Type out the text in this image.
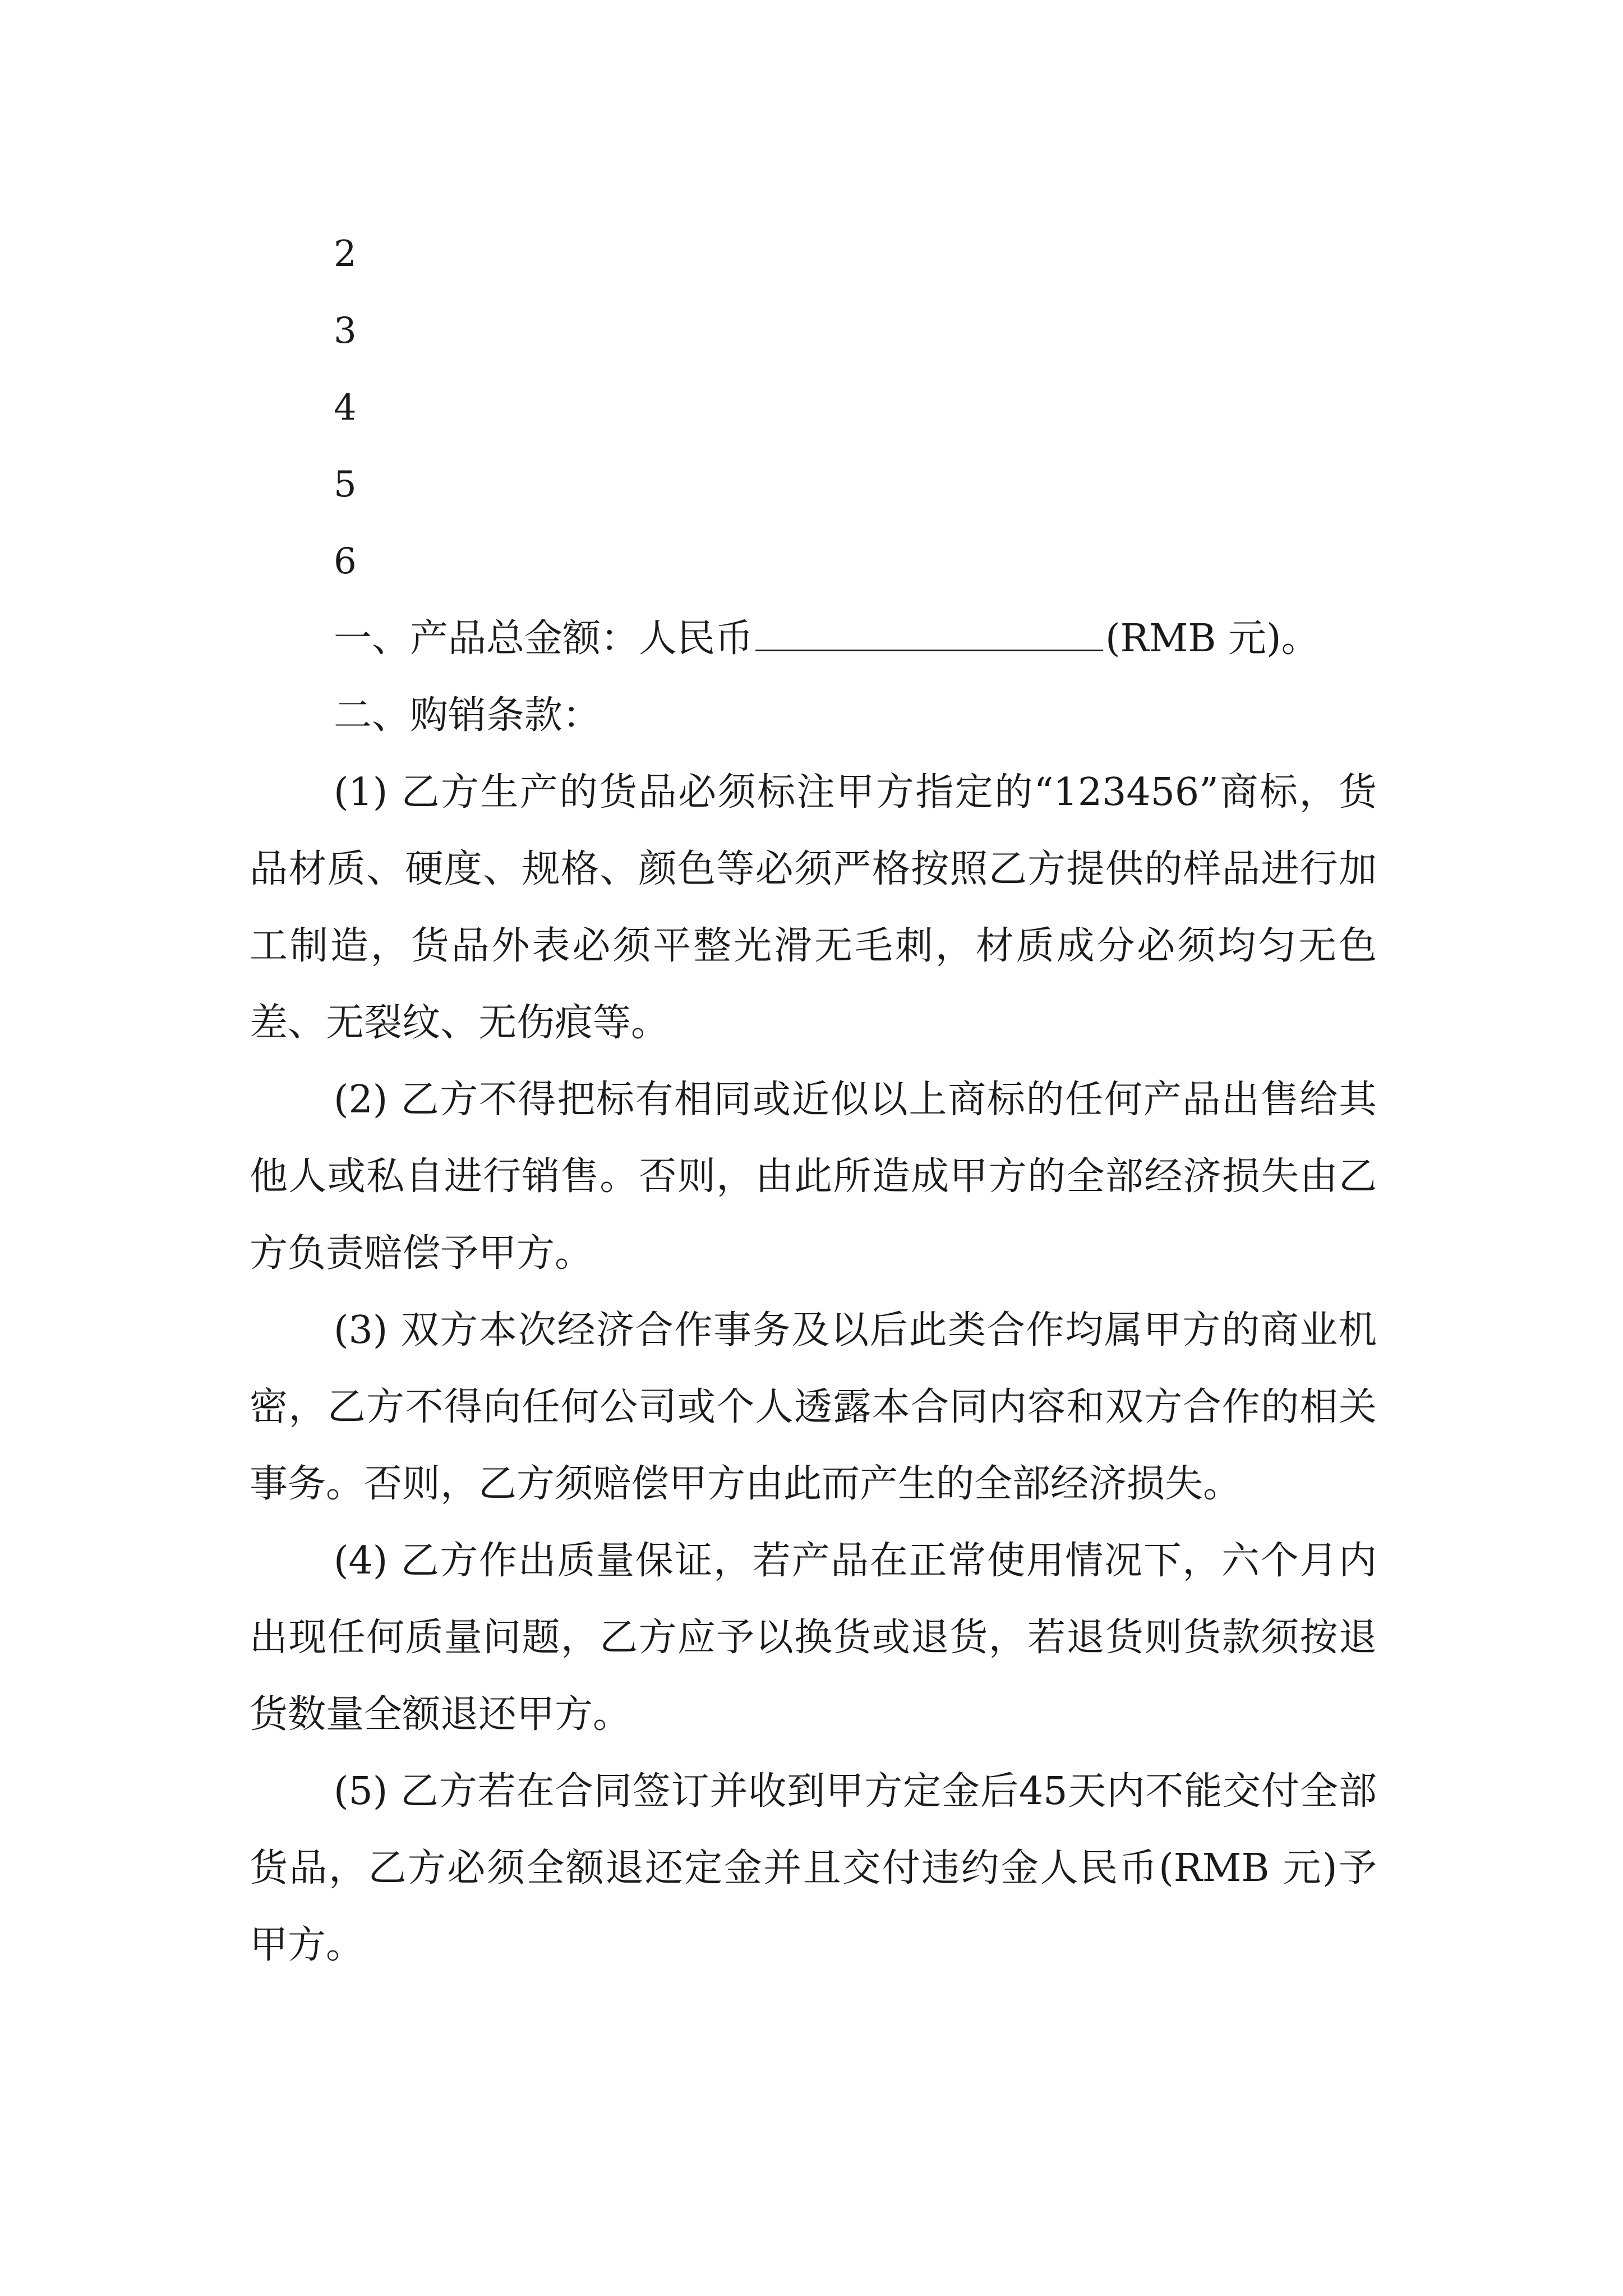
2
3
4
5
6
一、产品总金额：人民币	(RMB 元)。
二、购销条款：

(1) 乙方生产的货品必须标注甲方指定的“123456”商标，货品材质、硬度、规格、颜色等必须严格按照乙方提供的样品进行加工制造，货品外表必须平整光滑无毛刺，材质成分必须均匀无色差、无裂纹、无伤痕等。

(2) 乙方不得把标有相同或近似以上商标的任何产品出售给其他人或私自进行销售。否则，由此所造成甲方的全部经济损失由乙方负责赔偿予甲方。

(3) 双方本次经济合作事务及以后此类合作均属甲方的商业机密，乙方不得向任何公司或个人透露本合同内容和双方合作的相关事务。否则，乙方须赔偿甲方由此而产生的全部经济损失。

(4) 乙方作出质量保证，若产品在正常使用情况下，六个月内出现任何质量问题，乙方应予以换货或退货，若退货则货款须按退货数量全额退还甲方。

(5) 乙方若在合同签订并收到甲方定金后45天内不能交付全部货品，乙方必须全额退还定金并且交付违约金人民币(RMB 元)予甲方。
